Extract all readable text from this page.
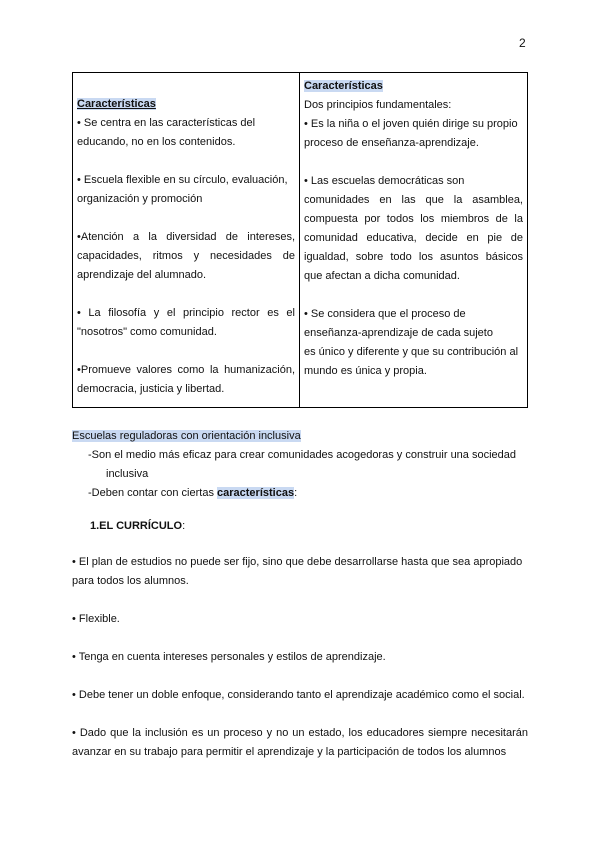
2

Características

• Se centra en las características del

educando, no en los contenidos.

• Escuela flexible en su círculo, evaluación,

organización y promoción

•Atención a la diversidad de intereses,

capacidades, ritmos y necesidades de

aprendizaje del alumnado.

• La filosofía y el principio rector es el

"nosotros" como comunidad.

•Promueve valores como la humanización,

democracia, justicia y libertad.

Características

Dos principios fundamentales:

• Es la niña o el joven quién dirige su propio

proceso de enseñanza-aprendizaje.

• Las escuelas democráticas son

comunidades en las que la asamblea,

compuesta por todos los miembros de la

comunidad educativa, decide en pie de

igualdad, sobre todo los asuntos básicos

que afectan a dicha comunidad.

• Se considera que el proceso de

enseñanza-aprendizaje de cada sujeto

es único y diferente y que su contribución al

mundo es única y propia.

Escuelas reguladoras con orientación inclusiva

-Son el medio más eficaz para crear comunidades acogedoras y construir una sociedad

inclusiva

-Deben contar con ciertas características:

1.EL CURRÍCULO:

• El plan de estudios no puede ser fijo, sino que debe desarrollarse hasta que sea apropiado para todos los alumnos.

• Flexible.

• Tenga en cuenta intereses personales y estilos de aprendizaje.

• Debe tener un doble enfoque, considerando tanto el aprendizaje académico como el social.

• Dado que la inclusión es un proceso y no un estado, los educadores siempre necesitarán avanzar en su trabajo para permitir el aprendizaje y la participación de todos los alumnos
